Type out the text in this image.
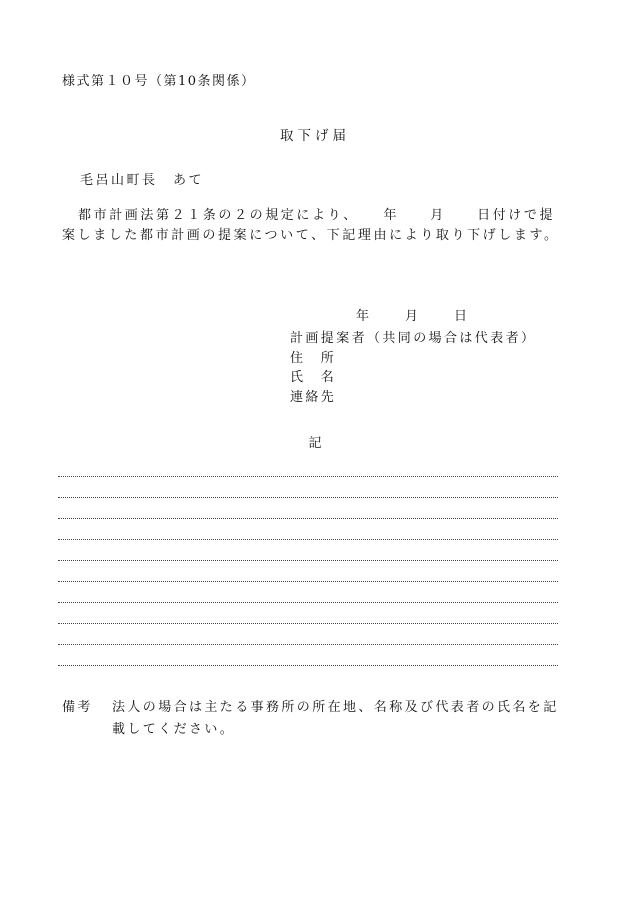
様式第１０号（第10条関係）
取下げ届
毛呂山町長　あて
都市計画法第２１条の２の規定により、　　年　　月　　日付けで提案しました都市計画の提案について、下記理由により取り下げします。
年	月	日
計画提案者（共同の場合は代表者）
住　所
氏　名
連絡先
記
備考 法人の場合は主たる事務所の所在地、名称及び代表者の氏名を記載してください。
